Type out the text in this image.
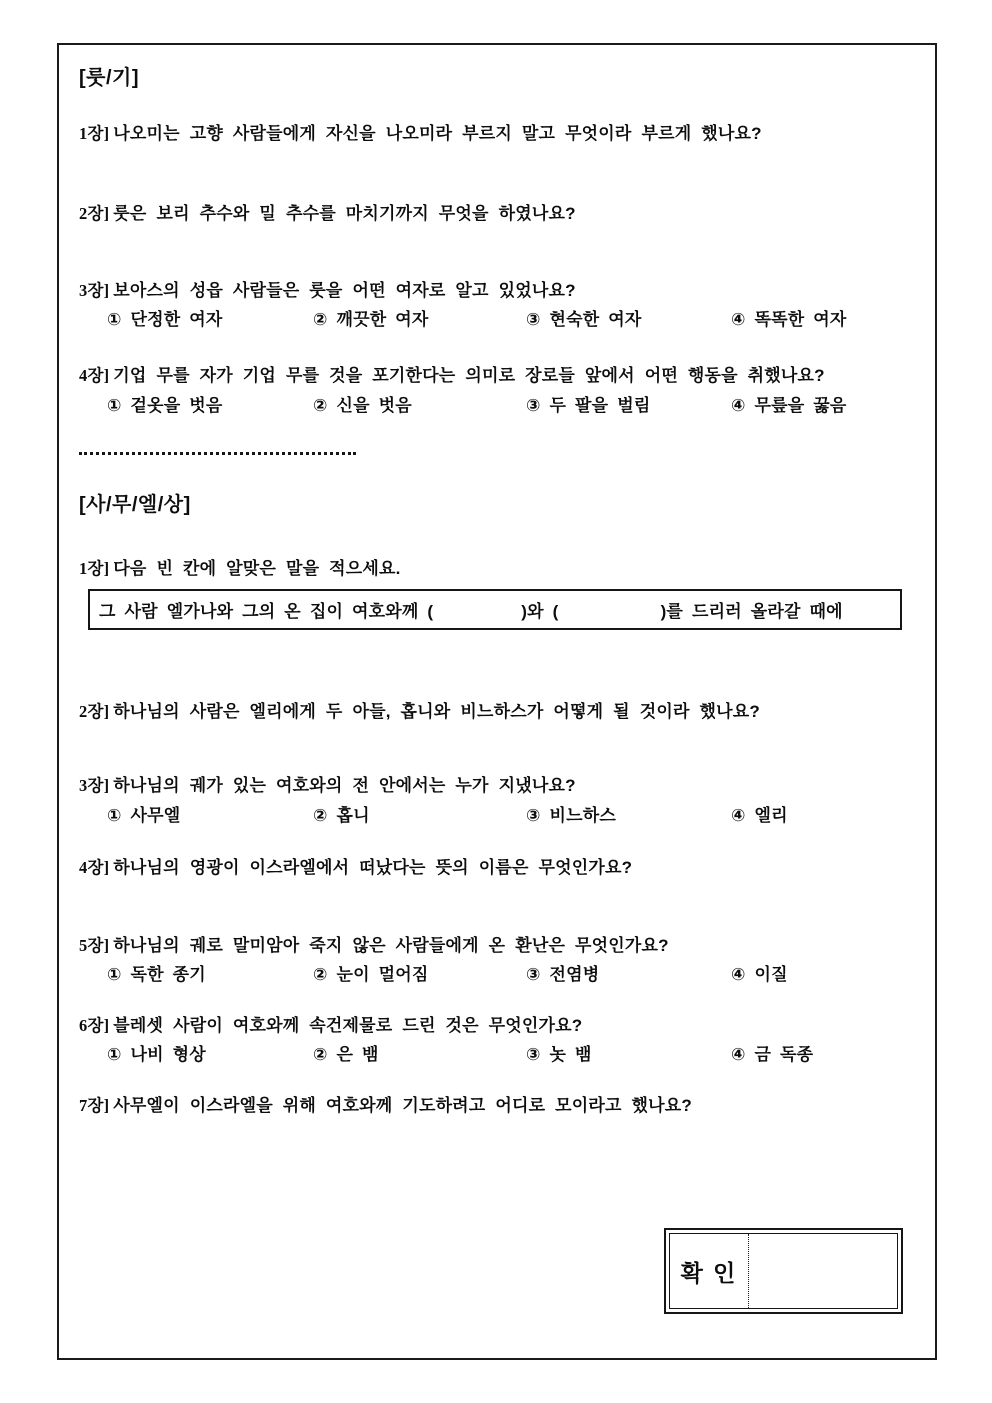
[룻/기]
1장] 나오미는 고향 사람들에게 자신을 나오미라 부르지 말고 무엇이라 부르게 했나요?
2장] 룻은 보리 추수와 밀 추수를 마치기까지 무엇을 하였나요?
3장] 보아스의 성읍 사람들은 룻을 어떤 여자로 알고 있었나요?
① 단정한 여자	② 깨끗한 여자	③ 현숙한 여자	④ 똑똑한 여자
4장] 기업 무를 자가 기업 무를 것을 포기한다는 의미로 장로들 앞에서 어떤 행동을 취했나요?
① 겉옷을 벗음	② 신을 벗음	③ 두 팔을 벌림	④ 무릎을 꿇음
[사/무/엘/상]
1장] 다음 빈 칸에 알맞은 말을 적으세요.
그 사람 엘가나와 그의 온 집이 여호와께 (	)와 (	)를 드리러 올라갈 때에
2장] 하나님의 사람은 엘리에게 두 아들, 홉니와 비느하스가 어떻게 될 것이라 했나요?
3장] 하나님의 궤가 있는 여호와의 전 안에서는 누가 지냈나요?
① 사무엘	② 홉니	③ 비느하스	④ 엘리
4장] 하나님의 영광이 이스라엘에서 떠났다는 뜻의 이름은 무엇인가요?
5장] 하나님의 궤로 말미암아 죽지 않은 사람들에게 온 환난은 무엇인가요?
① 독한 종기	② 눈이 멀어짐	③ 전염병	④ 이질
6장] 블레셋 사람이 여호와께 속건제물로 드린 것은 무엇인가요?
① 나비 형상	② 은 뱀	③ 놋 뱀	④ 금 독종
7장] 사무엘이 이스라엘을 위해 여호와께 기도하려고 어디로 모이라고 했나요?
확 인
